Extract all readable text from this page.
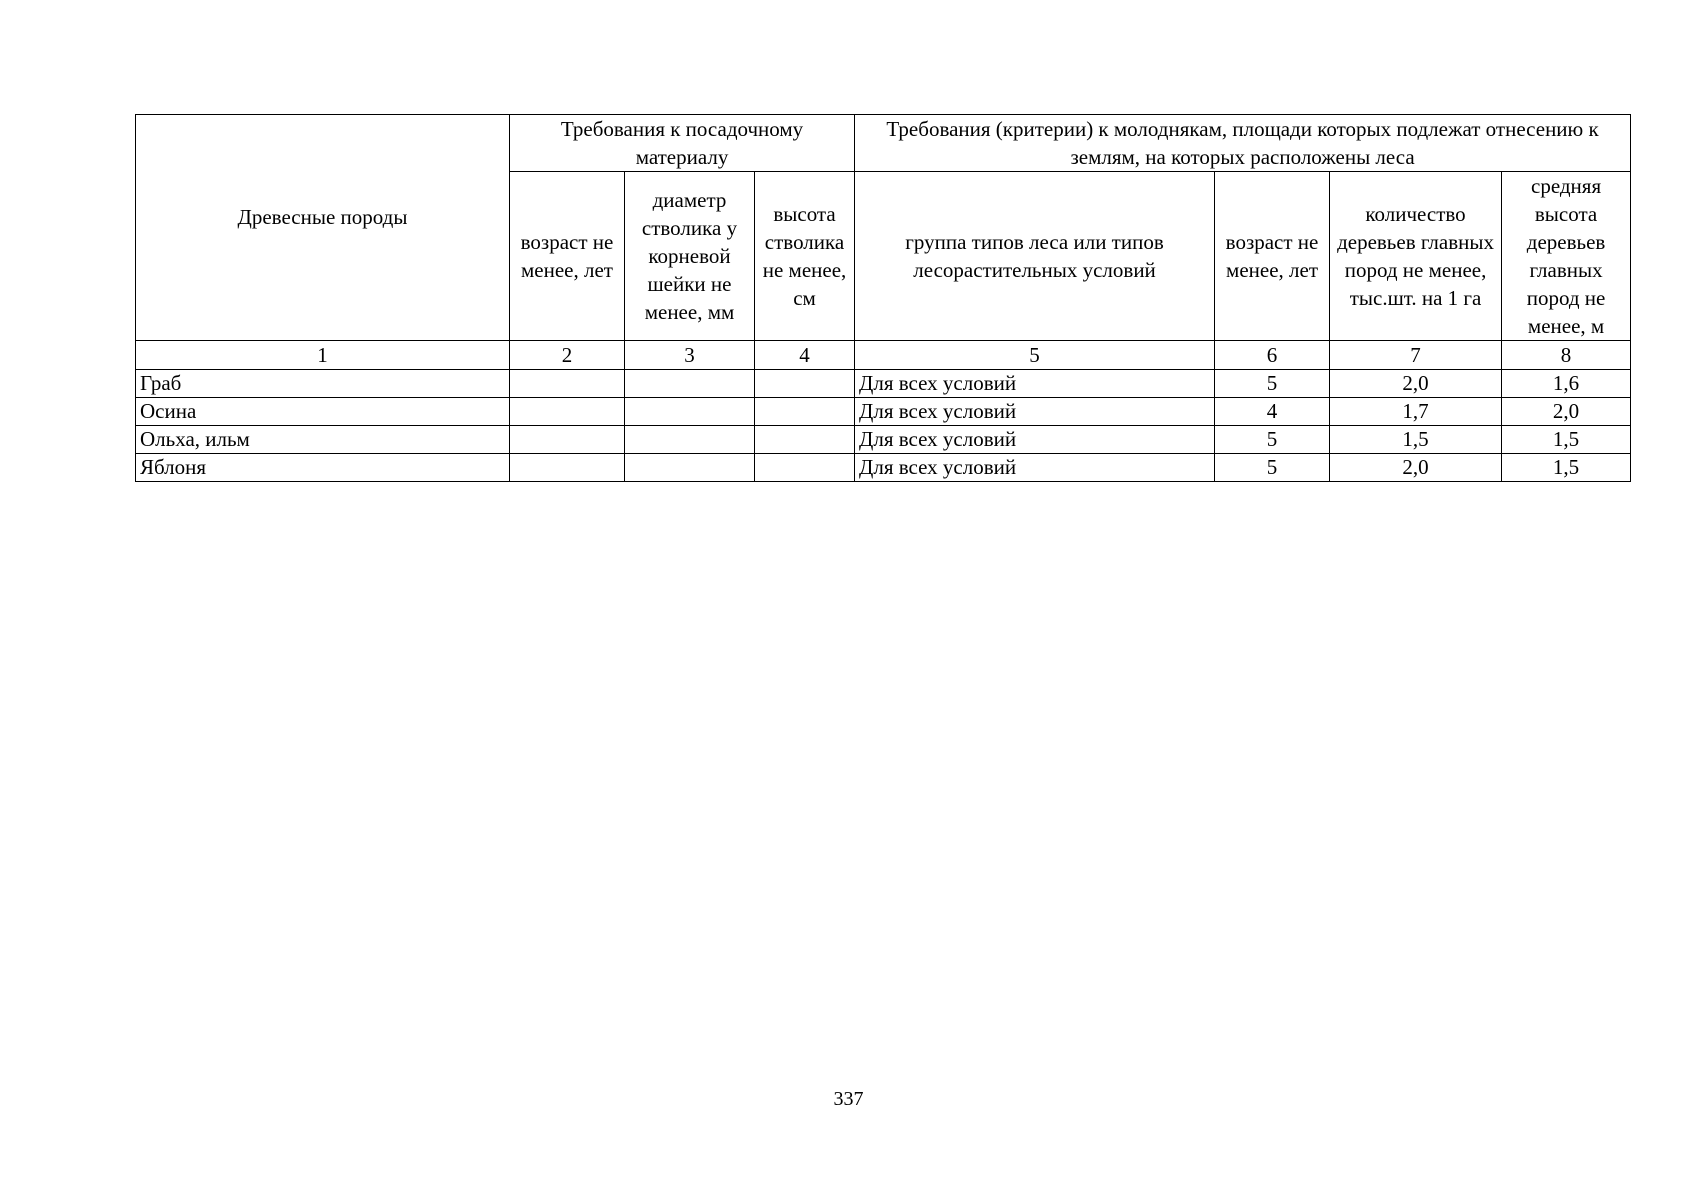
Древесные породы	Требования к посадочному материалу			Требования (критерии) к молоднякам, площади которых подлежат отнесению к землям, на которых расположены леса			
	возраст не менее, лет	диаметр стволика у корневой шейки не менее, мм	высота стволика не менее, см	группа типов леса или типов лесорастительных условий	возраст не менее, лет	количество деревьев главных пород не менее, тыс.шт. на 1 га	средняя высота деревьев главных пород не менее, м
1	2	3	4	5	6	7	8
Граб				Для всех условий	5	2,0	1,6
Осина				Для всех условий	4	1,7	2,0
Ольха, ильм				Для всех условий	5	1,5	1,5
Яблоня				Для всех условий	5	2,0	1,5
337
